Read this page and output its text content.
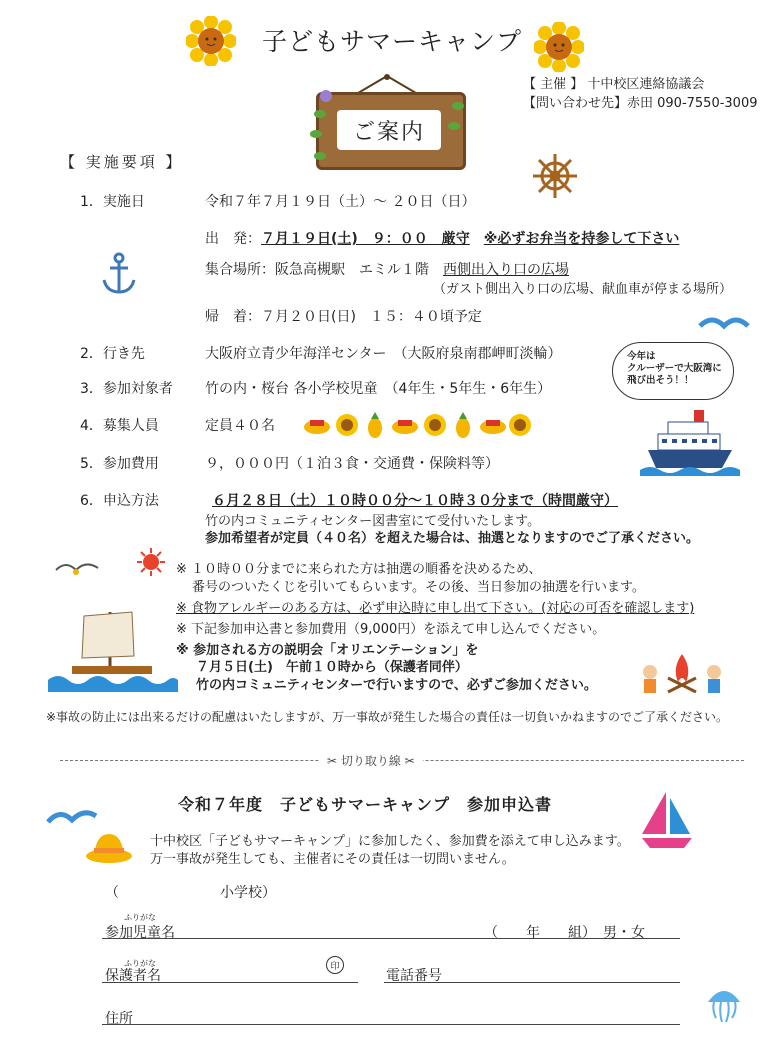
子どもサマーキャンプ
【 主催 】 十中校区連絡協議会
【問い合わせ先】赤田 090-7550-3009
ご案内
【 実施要項 】
1．実施日	令和７年７月１９日（土）～ ２０日（日）
出　発：７月１９日(土)　９：００　厳守　 ※必ずお弁当を持参して下さい
集合場所：阪急高槻駅　エミル１階　西側出入り口の広場
（ガスト側出入り口の広場、献血車が停まる場所）
帰　着：７月２０日(日)　１５：４０頃予定
2．行き先	大阪府立青少年海洋センター　（大阪府泉南郡岬町淡輪）	今年は
クルーザーで大阪湾に
飛び出そう！！
3．参加対象者 竹の内・桜台 各小学校児童　（4年生・5年生・6年生）
4．募集人員	定員４０名
5．参加費用	９，０００円（１泊３食・交通費・保険料等）
6．申込方法	６月２８日（土）１０時００分～１０時３０分まで（時間厳守）
竹の内コミュニティセンター図書室にて受付いたします。
参加希望者が定員（４０名）を超えた場合は、抽選となりますのでご了承ください。
※ １０時００分までに来られた方は抽選の順番を決めるため、
番号のついたくじを引いてもらいます。その後、当日参加の抽選を行います。
※ 食物アレルギーのある方は、必ず申込時に申し出て下さい。(対応の可否を確認します)
※ 下記参加申込書と参加費用（9,000円）を添えて申し込んでください。
※ 参加される方の説明会「オリエンテーション」を
７月５日(土)　午前１０時から（保護者同伴）
竹の内コミュニティセンターで行いますので、必ずご参加ください。
※事故の防止には出来るだけの配慮はいたしますが、万一事故が発生した場合の責任は一切負いかねますのでご了承ください。
✂ 切り取り線 ✂
令和７年度　子どもサマーキャンプ　参加申込書
十中校区「子どもサマーキャンプ」に参加したく、参加費を添えて申し込みます。
万一事故が発生しても、主催者にその責任は一切問いません。
（	小学校）
ふりがな
参加児童名	（　　年　　組）　男・女
ふりがな
保護者名
印
電話番号
住所
